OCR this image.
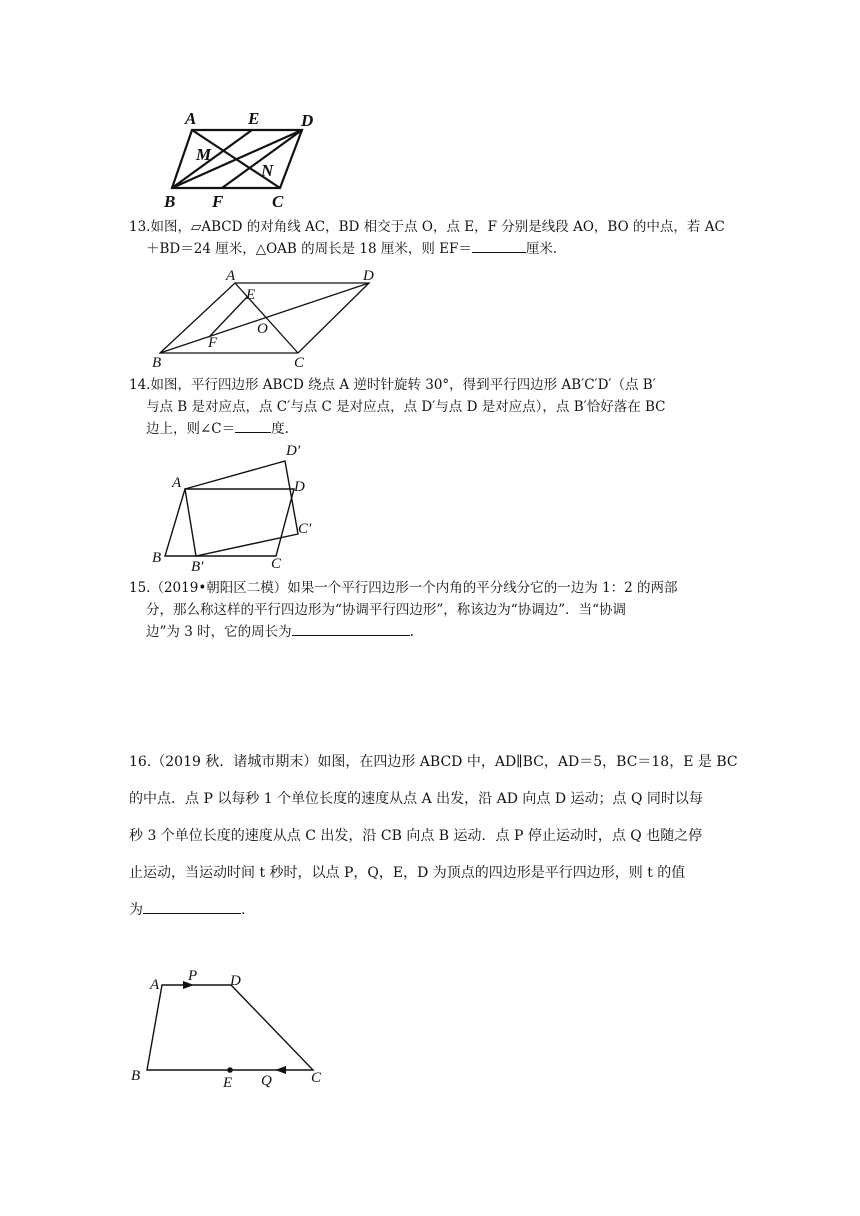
A	E D
M
N
B F	C
13.如图，▱ABCD 的对角线 AC，BD 相交于点 O，点 E，F 分别是线段 AO，BO 的中点，若 AC
＋BD＝24 厘米，△OAB 的周长是 18 厘米，则 EF＝	厘米.
A	D
E
O
B
F
C
14.如图，平行四边形 ABCD 绕点 A 逆时针旋转 30°，得到平行四边形 AB′C′D′（点 B′
与点 B 是对应点，点 C′与点 C 是对应点，点 D′与点 D 是对应点），点 B′恰好落在 BC
边上，则∠C＝	度.
D′
A	D
C′
B
B′	C
15.（2019•朝阳区二模）如果一个平行四边形一个内角的平分线分它的一边为 1：2 的两部
分，那么称这样的平行四边形为“协调平行四边形”，称该边为“协调边”．当“协调
边”为 3 时，它的周长为	.
16.（2019 秋．诸城市期末）如图，在四边形 ABCD 中，AD∥BC，AD＝5，BC＝18，E 是 BC
的中点．点 P 以每秒 1 个单位长度的速度从点 A 出发，沿 AD 向点 D 运动；点 Q 同时以每
秒 3 个单位长度的速度从点 C 出发，沿 CB 向点 B 运动．点 P 停止运动时，点 Q 也随之停
止运动，当运动时间 t 秒时，以点 P，Q，E，D 为顶点的四边形是平行四边形，则 t 的值
为	.
A
P D
B	E Q	C
